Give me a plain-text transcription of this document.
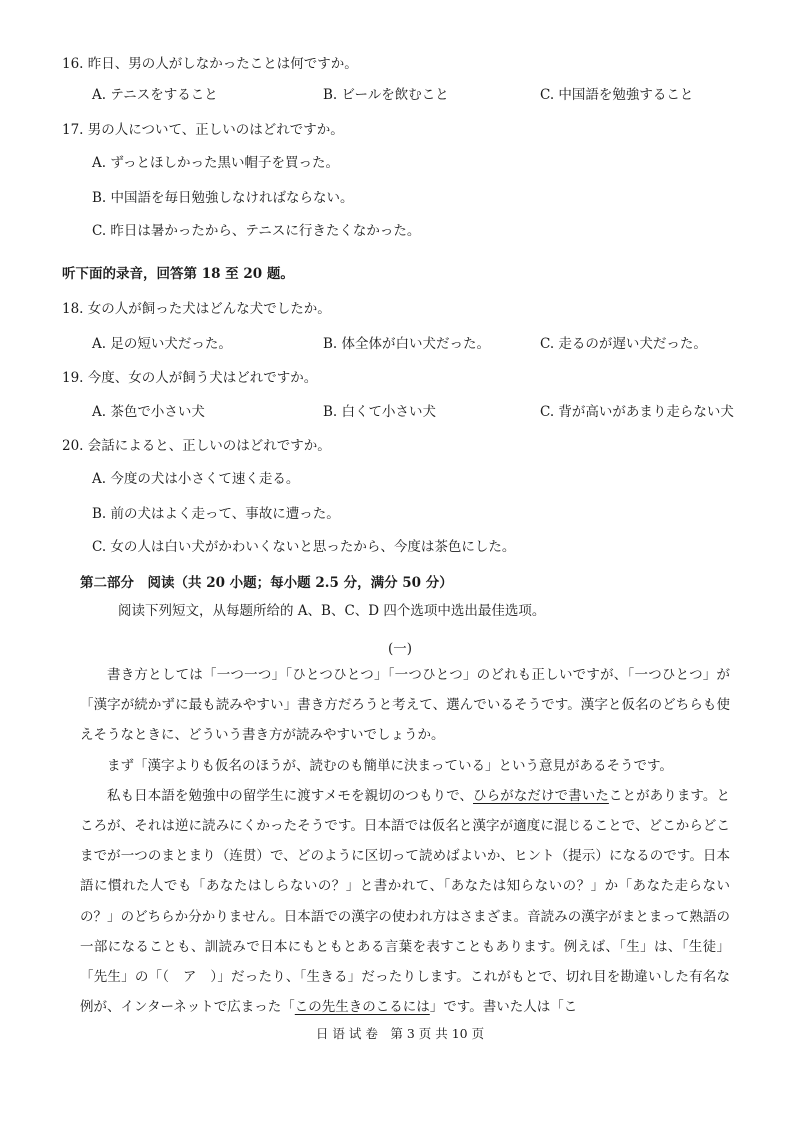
16. 昨日、男の人がしなかったことは何ですか。
A. テニスをすること	B. ビールを飲むこと	C. 中国語を勉強すること
17. 男の人について、正しいのはどれですか。
A. ずっとほしかった黒い帽子を買った。
B. 中国語を毎日勉強しなければならない。
C. 昨日は暑かったから、テニスに行きたくなかった。
听下面的录音，回答第 18 至 20 题。
18. 女の人が飼った犬はどんな犬でしたか。
A. 足の短い犬だった。	B. 体全体が白い犬だった。	C. 走るのが遅い犬だった。
19. 今度、女の人が飼う犬はどれですか。
A. 茶色で小さい犬	B. 白くて小さい犬	C. 背が高いがあまり走らない犬
20. 会話によると、正しいのはどれですか。
A. 今度の犬は小さくて速く走る。
B. 前の犬はよく走って、事故に遭った。
C. 女の人は白い犬がかわいくないと思ったから、今度は茶色にした。
第二部分　阅读（共 20 小题；每小题 2.5 分，满分 50 分）
阅读下列短文，从每题所给的 A、B、C、D 四个选项中选出最佳选项。
(一)

書き方としては「一つ一つ」「ひとつひとつ」「一つひとつ」のどれも正しいですが、「一つひとつ」が「漢字が続かずに最も読みやすい」書き方だろうと考えて、選んでいるそうです。漢字と仮名のどちらも使えそうなときに、どういう書き方が読みやすいでしょうか。

まず「漢字よりも仮名のほうが、読むのも簡単に決まっている」という意見があるそうです。

私も日本語を勉強中の留学生に渡すメモを親切のつもりで、ひらがなだけで書いたことがあります。ところが、それは逆に読みにくかったそうです。日本語では仮名と漢字が適度に混じることで、どこからどこまでが一つのまとまり（连贯）で、どのように区切って読めばよいか、ヒント（提示）になるのです。日本語に慣れた人でも「あなたはしらないの？」と書かれて、「あなたは知らないの？」か「あなた走らないの？」のどちらか分かりません。日本語での漢字の使われ方はさまざま。音読みの漢字がまとまって熟語の一部になることも、訓読みで日本にもともとある言葉を表すこともあります。例えば、「生」は、「生徒」「先生」の「（　ア　）」だったり、「生きる」だったりします。これがもとで、切れ目を勘違いした有名な例が、インターネットで広まった「この先生きのこるには」です。書いた人は「こ

日 语 试 卷　第 3 页 共 10 页
